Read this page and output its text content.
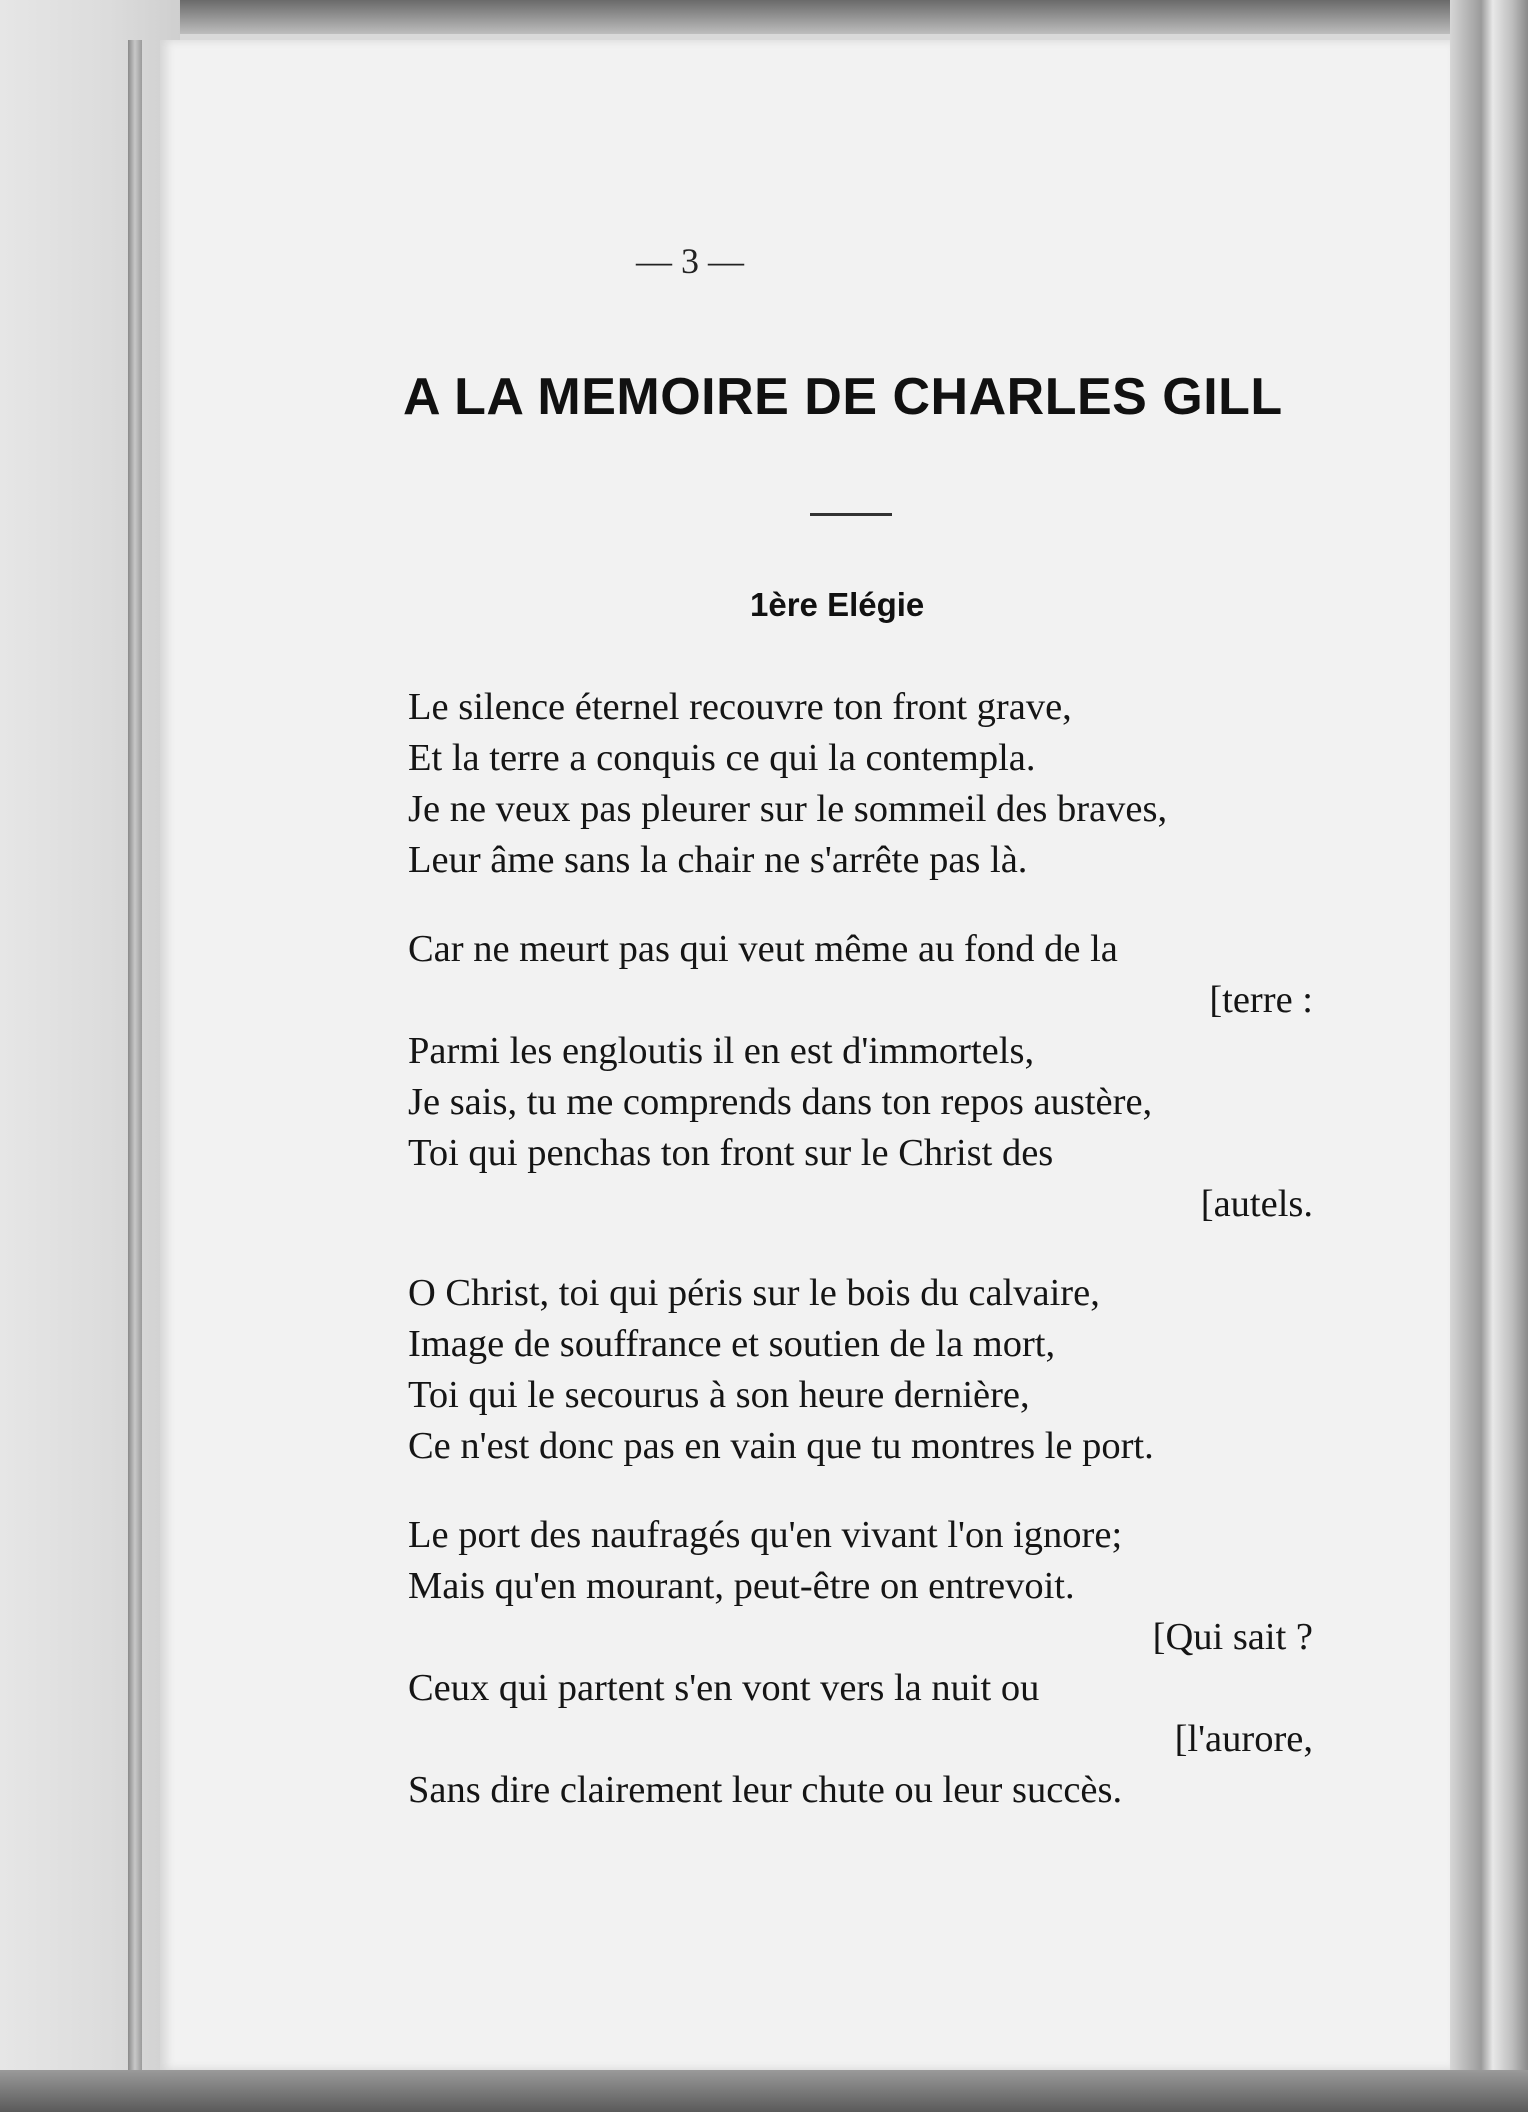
— 3 —
A LA MEMOIRE DE CHARLES GILL
1ère Elégie
Le silence éternel recouvre ton front grave,
Et la terre a conquis ce qui la contempla.
Je ne veux pas pleurer sur le sommeil des braves,
Leur âme sans la chair ne s'arrête pas là.
Car ne meurt pas qui veut même au fond de la
[terre :
Parmi les engloutis il en est d'immortels,
Je sais, tu me comprends dans ton repos austère,
Toi qui penchas ton front sur le Christ des
[autels.
O Christ, toi qui péris sur le bois du calvaire,
Image de souffrance et soutien de la mort,
Toi qui le secourus à son heure dernière,
Ce n'est donc pas en vain que tu montres le port.
Le port des naufragés qu'en vivant l'on ignore;
Mais qu'en mourant, peut-être on entrevoit.
[Qui sait ?
Ceux qui partent s'en vont vers la nuit ou
[l'aurore,
Sans dire clairement leur chute ou leur succès.
